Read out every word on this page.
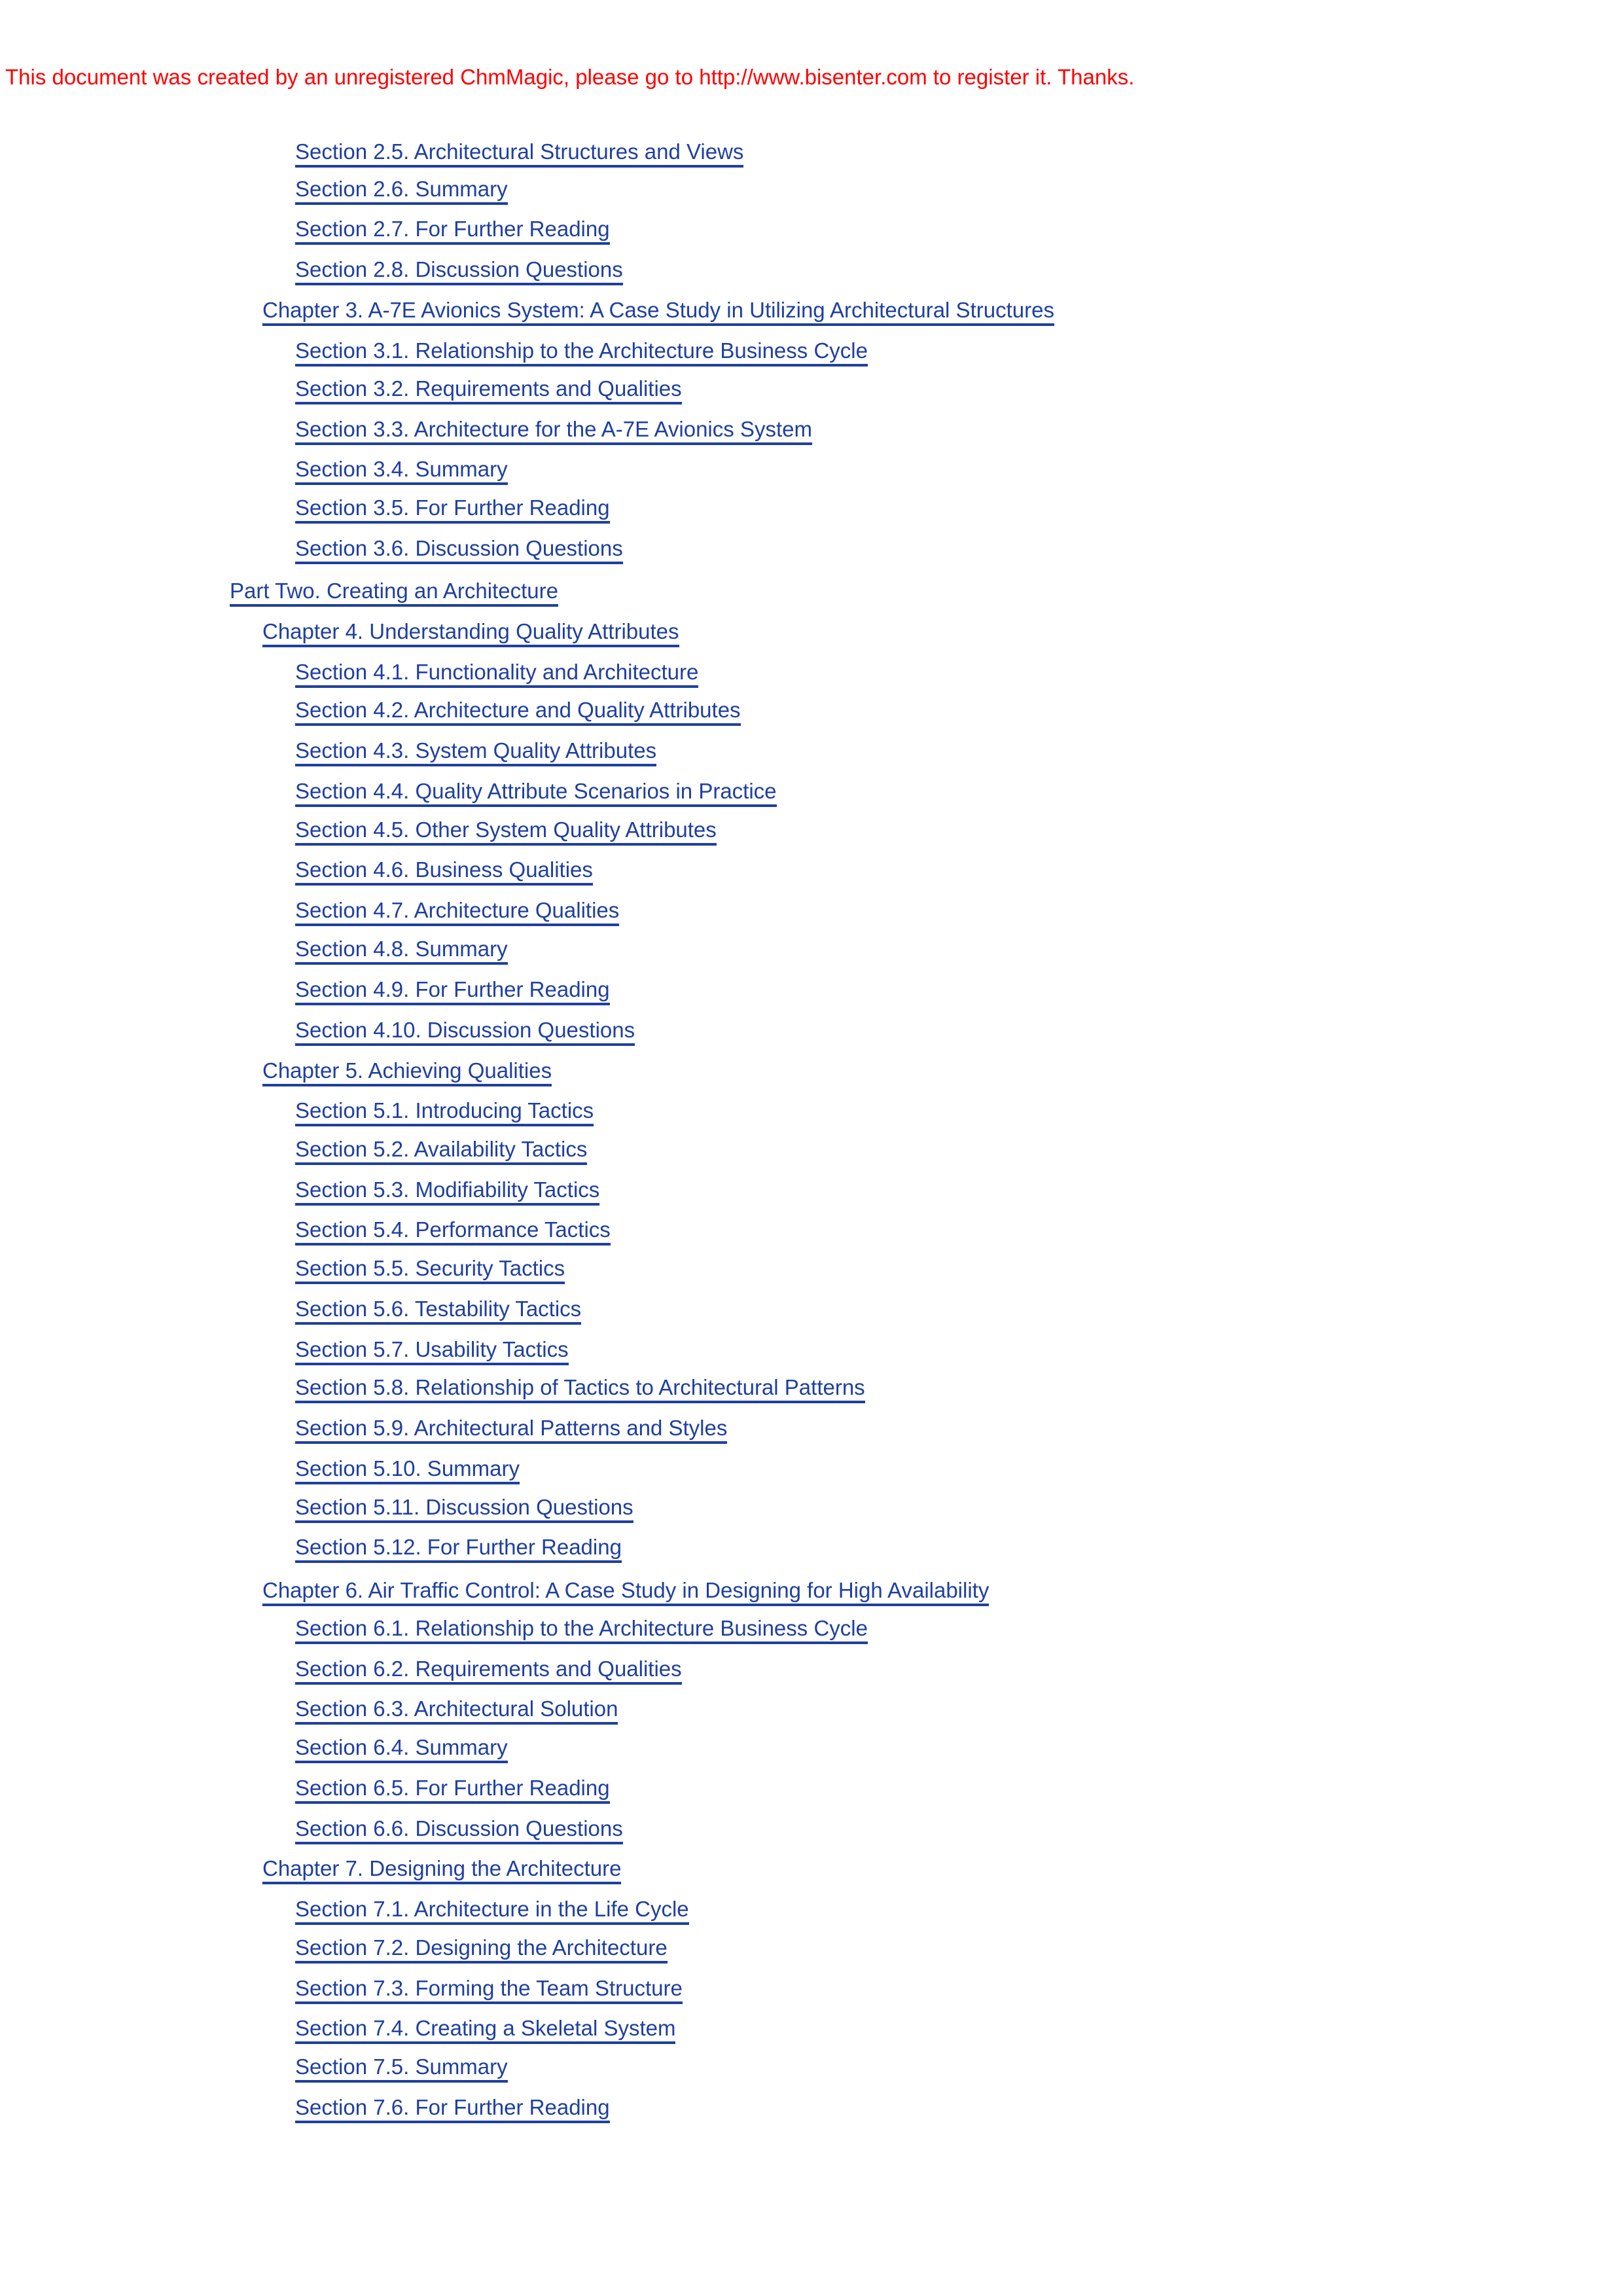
This document was created by an unregistered ChmMagic, please go to http://www.bisenter.com to register it. Thanks.

Section 2.5. Architectural Structures and Views
Section 2.6. Summary
Section 2.7. For Further Reading
Section 2.8. Discussion Questions
Chapter 3. A-7E Avionics System: A Case Study in Utilizing Architectural Structures
Section 3.1. Relationship to the Architecture Business Cycle
Section 3.2. Requirements and Qualities
Section 3.3. Architecture for the A-7E Avionics System
Section 3.4. Summary
Section 3.5. For Further Reading
Section 3.6. Discussion Questions
Part Two. Creating an Architecture
Chapter 4. Understanding Quality Attributes
Section 4.1. Functionality and Architecture
Section 4.2. Architecture and Quality Attributes
Section 4.3. System Quality Attributes
Section 4.4. Quality Attribute Scenarios in Practice
Section 4.5. Other System Quality Attributes
Section 4.6. Business Qualities
Section 4.7. Architecture Qualities
Section 4.8. Summary
Section 4.9. For Further Reading
Section 4.10. Discussion Questions
Chapter 5. Achieving Qualities
Section 5.1. Introducing Tactics
Section 5.2. Availability Tactics
Section 5.3. Modifiability Tactics
Section 5.4. Performance Tactics
Section 5.5. Security Tactics
Section 5.6. Testability Tactics
Section 5.7. Usability Tactics
Section 5.8. Relationship of Tactics to Architectural Patterns
Section 5.9. Architectural Patterns and Styles
Section 5.10. Summary
Section 5.11. Discussion Questions
Section 5.12. For Further Reading
Chapter 6. Air Traffic Control: A Case Study in Designing for High Availability
Section 6.1. Relationship to the Architecture Business Cycle
Section 6.2. Requirements and Qualities
Section 6.3. Architectural Solution
Section 6.4. Summary
Section 6.5. For Further Reading
Section 6.6. Discussion Questions
Chapter 7. Designing the Architecture
Section 7.1. Architecture in the Life Cycle
Section 7.2. Designing the Architecture
Section 7.3. Forming the Team Structure
Section 7.4. Creating a Skeletal System
Section 7.5. Summary
Section 7.6. For Further Reading
